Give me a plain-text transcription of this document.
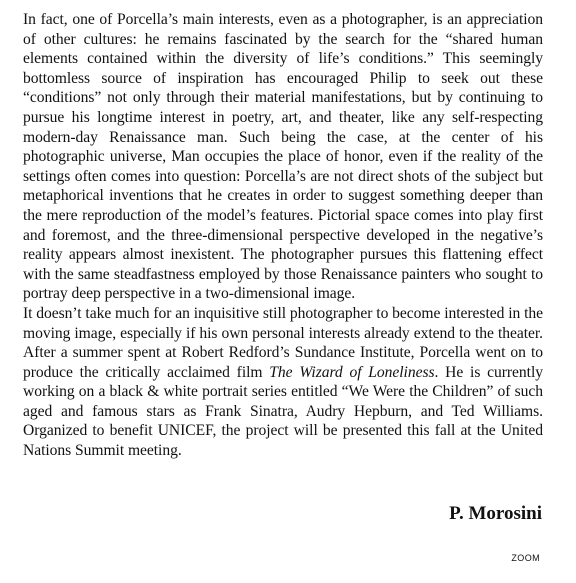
In fact, one of Porcella’s main interests, even as a photographer, is an appreciation of other cultures: he remains fascinated by the search for the “shared human elements contained within the diversity of life’s conditions.” This seemingly bottomless source of inspiration has encouraged Philip to seek out these “conditions” not only through their material manifestations, but by continuing to pursue his longtime interest in poetry, art, and theater, like any self-respecting modern-day Renaissance man. Such being the case, at the center of his photographic universe, Man occupies the place of honor, even if the reality of the settings often comes into question: Porcella’s are not direct shots of the subject but metaphorical inventions that he creates in order to suggest something deeper than the mere reproduction of the model’s features. Pictorial space comes into play first and foremost, and the three-dimensional perspective developed in the negative’s reality appears almost inexistent. The photographer pursues this flattening effect with the same steadfastness employed by those Renaissance painters who sought to portray deep perspective in a two-dimensional image.

It doesn’t take much for an inquisitive still photographer to become interested in the moving image, especially if his own personal interests already extend to the theater. After a summer spent at Robert Redford’s Sundance Institute, Porcella went on to produce the critically acclaimed film The Wizard of Loneliness. He is currently working on a black & white portrait series entitled “We Were the Children” of such aged and famous stars as Frank Sinatra, Audry Hepburn, and Ted Williams. Organized to benefit UNICEF, the project will be presented this fall at the United Nations Summit meeting.

P. Morosini

ZOOM
